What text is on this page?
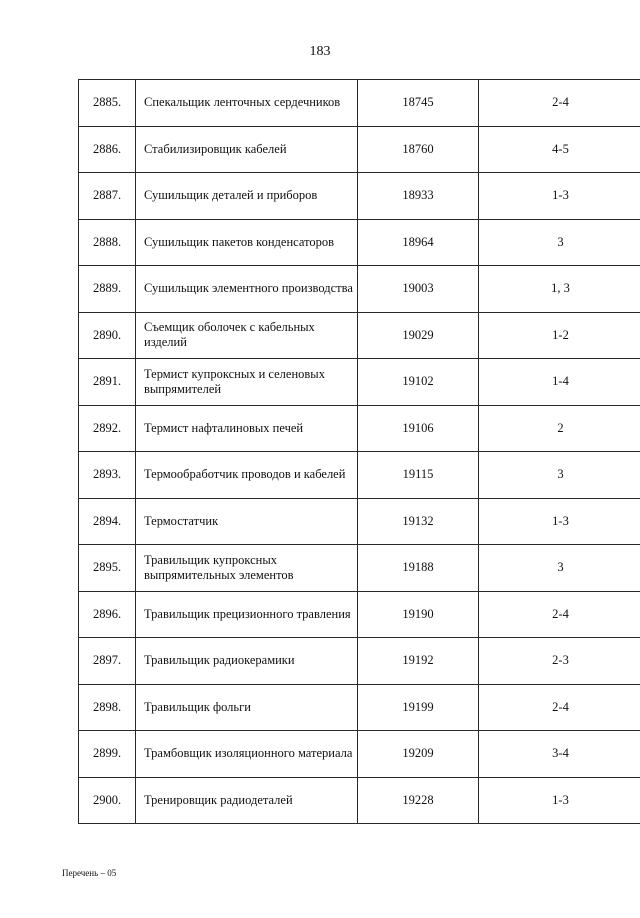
183
2885.	Спекальщик ленточных сердечников	18745	2-4
2886.	Стабилизировщик кабелей	18760	4-5
2887.	Сушильщик деталей и приборов	18933	1-3
2888.	Сушильщик пакетов конденсаторов	18964	3
2889.	Сушильщик элементного производства	19003	1, 3
2890.	Съемщик оболочек с кабельных изделий	19029	1-2
2891.	Термист купроксных и селеновых выпрямителей	19102	1-4
2892.	Термист нафталиновых печей	19106	2
2893.	Термообработчик проводов и кабелей	19115	3
2894.	Термостатчик	19132	1-3
2895.	Травильщик купроксных выпрямительных элементов	19188	3
2896.	Травильщик прецизионного травления	19190	2-4
2897.	Травильщик радиокерамики	19192	2-3
2898.	Травильщик фольги	19199	2-4
2899.	Трамбовщик изоляционного материала	19209	3-4
2900.	Тренировщик радиодеталей	19228	1-3
Перечень – 05
